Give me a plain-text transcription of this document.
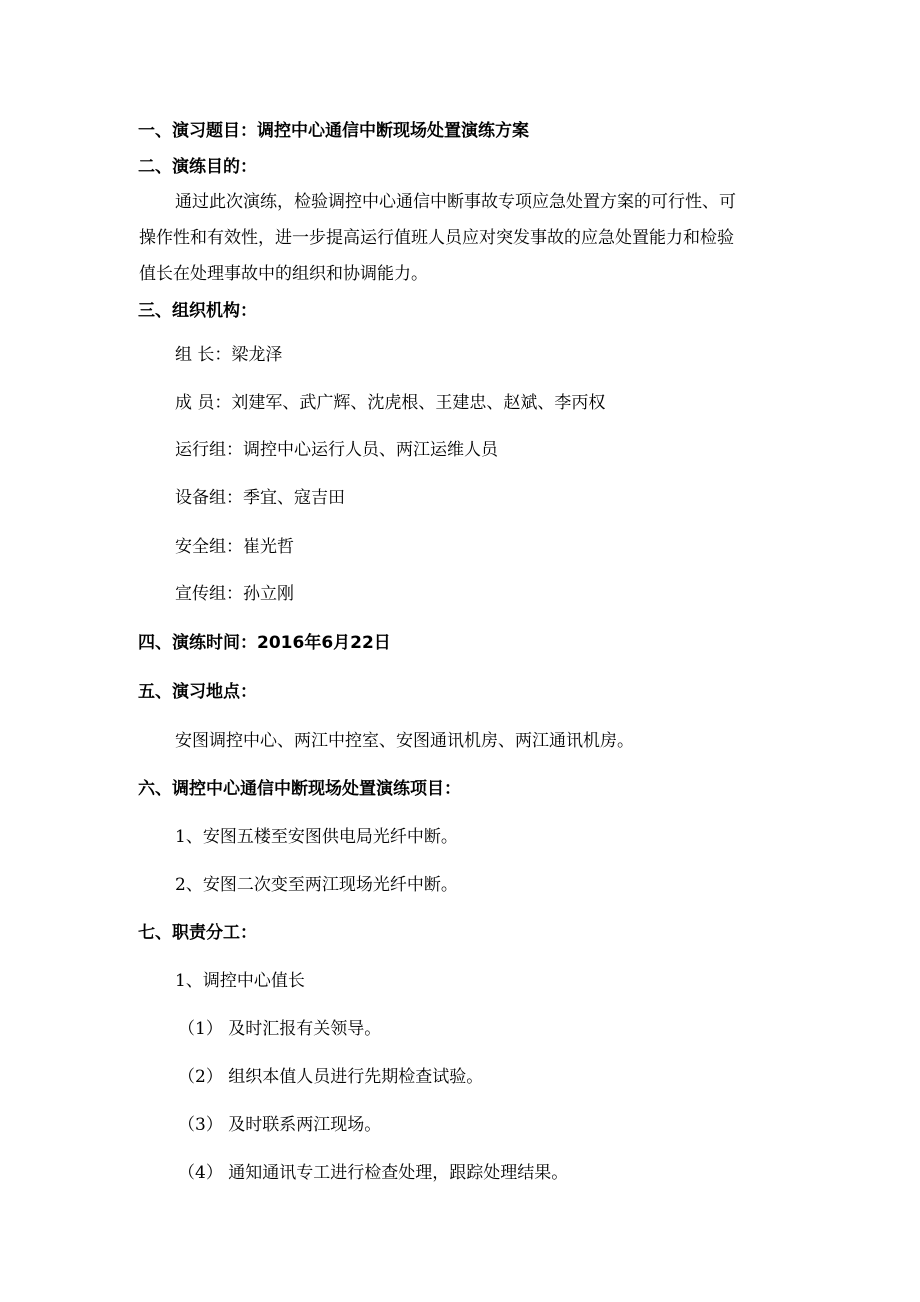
一、演习题目：调控中心通信中断现场处置演练方案
二、演练目的：
通过此次演练，检验调控中心通信中断事故专项应急处置方案的可行性、可
操作性和有效性，进一步提高运行值班人员应对突发事故的应急处置能力和检验
值长在处理事故中的组织和协调能力。
三、组织机构：
组 长：梁龙泽
成 员：刘建军、武广辉、沈虎根、王建忠、赵斌、李丙权
运行组：调控中心运行人员、两江运维人员
设备组：季宜、寇吉田
安全组：崔光哲
宣传组：孙立刚
四、演练时间：2016年6月22日
五、演习地点：
安图调控中心、两江中控室、安图通讯机房、两江通讯机房。
六、调控中心通信中断现场处置演练项目：
1、安图五楼至安图供电局光纤中断。
2、安图二次变至两江现场光纤中断。
七、职责分工：
1、调控中心值长
（1） 及时汇报有关领导。
（2） 组织本值人员进行先期检查试验。
（3） 及时联系两江现场。
（4） 通知通讯专工进行检查处理，跟踪处理结果。
